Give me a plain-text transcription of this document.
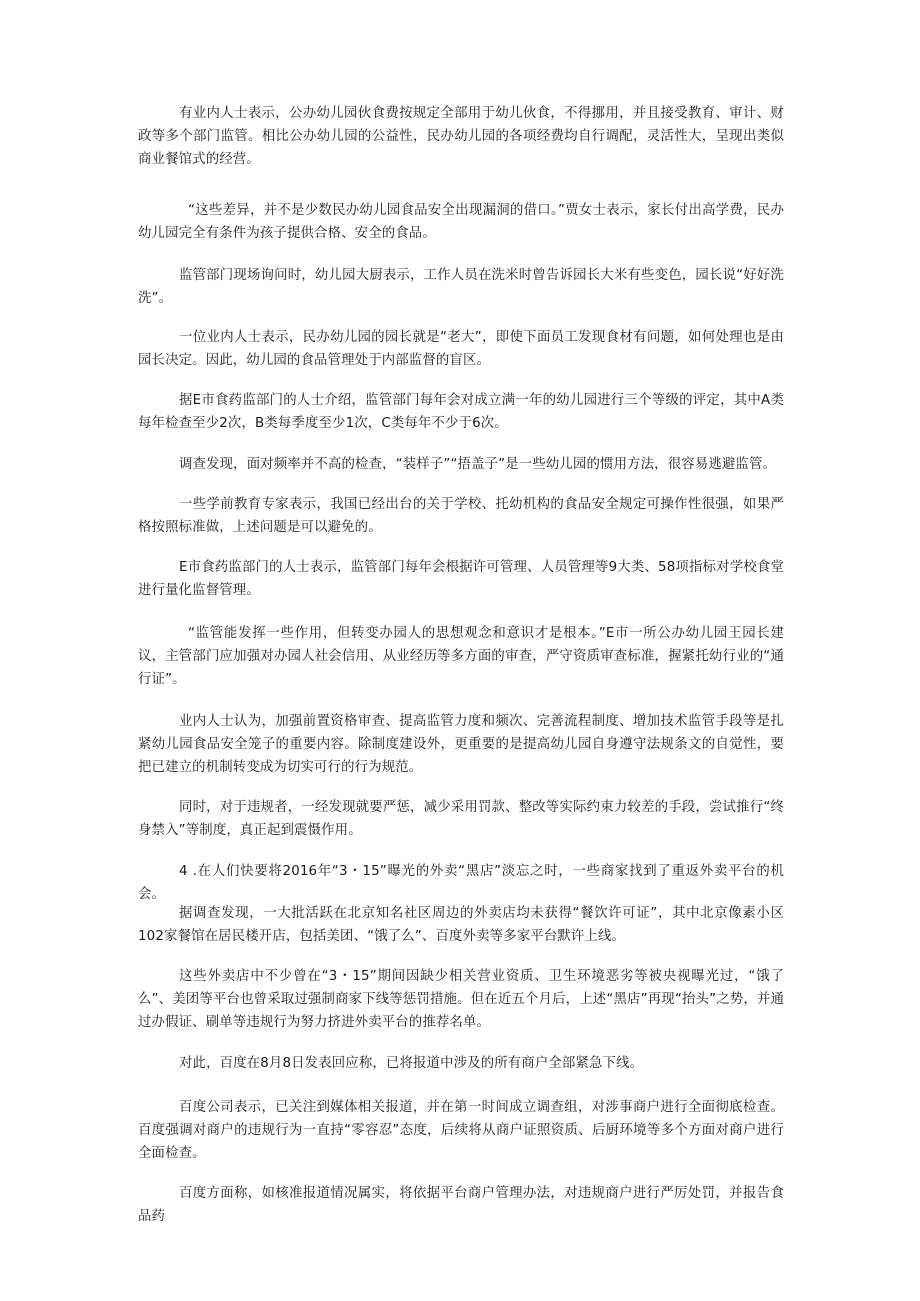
有业内人士表示，公办幼儿园伙食费按规定全部用于幼儿伙食，不得挪用，并且接受教育、审计、财政等多个部门监管。相比公办幼儿园的公益性，民办幼儿园的各项经费均自行调配，灵活性大，呈现出类似商业餐馆式的经营。

“这些差异，并不是少数民办幼儿园食品安全出现漏洞的借口。”贾女士表示，家长付出高学费，民办幼儿园完全有条件为孩子提供合格、安全的食品。

监管部门现场询问时，幼儿园大厨表示，工作人员在洗米时曾告诉园长大米有些变色，园长说“好好洗洗”。

一位业内人士表示，民办幼儿园的园长就是“老大”，即使下面员工发现食材有问题，如何处理也是由园长决定。因此，幼儿园的食品管理处于内部监督的盲区。

据E市食药监部门的人士介绍，监管部门每年会对成立满一年的幼儿园进行三个等级的评定，其中A类每年检查至少2次，B类每季度至少1次，C类每年不少于6次。

调查发现，面对频率并不高的检查，“装样子”“捂盖子”是一些幼儿园的惯用方法，很容易逃避监管。

一些学前教育专家表示，我国已经出台的关于学校、托幼机构的食品安全规定可操作性很强，如果严格按照标准做，上述问题是可以避免的。

E市食药监部门的人士表示，监管部门每年会根据许可管理、人员管理等9大类、58项指标对学校食堂进行量化监督管理。

“监管能发挥一些作用，但转变办园人的思想观念和意识才是根本。”E市一所公办幼儿园王园长建议，主管部门应加强对办园人社会信用、从业经历等多方面的审查，严守资质审查标准，握紧托幼行业的“通行证”。

业内人士认为，加强前置资格审查、提高监管力度和频次、完善流程制度、增加技术监管手段等是扎紧幼儿园食品安全笼子的重要内容。除制度建设外，更重要的是提高幼儿园自身遵守法规条文的自觉性，要把已建立的机制转变成为切实可行的行为规范。

同时，对于违规者，一经发现就要严惩，减少采用罚款、整改等实际约束力较差的手段，尝试推行“终身禁入”等制度，真正起到震慑作用。

4 .在人们快要将2016年“3・15”曝光的外卖“黑店”淡忘之时，一些商家找到了重返外卖平台的机会。

据调查发现，一大批活跃在北京知名社区周边的外卖店均未获得“餐饮许可证”，其中北京像素小区102家餐馆在居民楼开店，包括美团、“饿了么”、百度外卖等多家平台默许上线。

这些外卖店中不少曾在“3・15”期间因缺少相关营业资质、卫生环境恶劣等被央视曝光过，“饿了么”、美团等平台也曾采取过强制商家下线等惩罚措施。但在近五个月后，上述“黑店”再现“抬头”之势，并通过办假证、刷单等违规行为努力挤进外卖平台的推荐名单。

对此，百度在8月8日发表回应称，已将报道中涉及的所有商户全部紧急下线。

百度公司表示，已关注到媒体相关报道，并在第一时间成立调查组，对涉事商户进行全面彻底检查。百度强调对商户的违规行为一直持“零容忍”态度，后续将从商户证照资质、后厨环境等多个方面对商户进行全面检查。

百度方面称，如核准报道情况属实，将依据平台商户管理办法，对违规商户进行严厉处罚，并报告食品药
